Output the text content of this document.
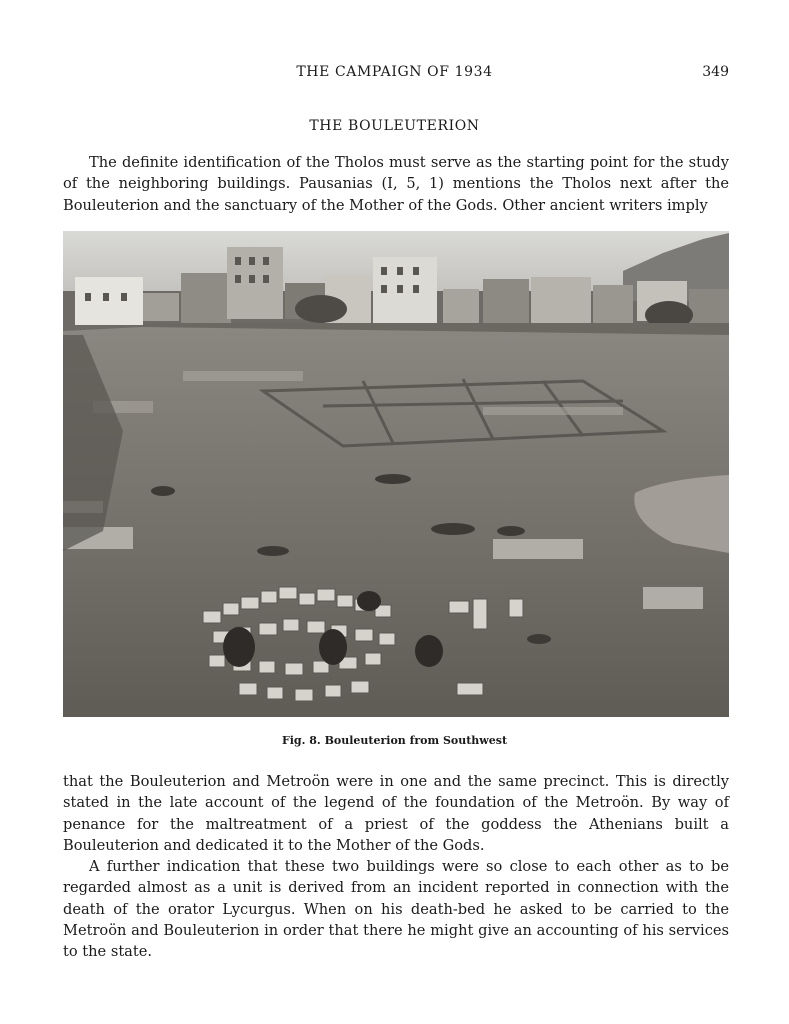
THE CAMPAIGN OF 1934	349
THE BOULEUTERION

The definite identification of the Tholos must serve as the starting point for the study of the neighboring buildings. Pausanias (I, 5, 1) mentions the Tholos next after the Bouleuterion and the sanctuary of the Mother of the Gods. Other ancient writers imply

Fig. 8. Bouleuterion from Southwest

that the Bouleuterion and Metroön were in one and the same precinct. This is directly stated in the late account of the legend of the foundation of the Metroön. By way of penance for the maltreatment of a priest of the goddess the Athenians built a Bouleuterion and dedicated it to the Mother of the Gods.

A further indication that these two buildings were so close to each other as to be regarded almost as a unit is derived from an incident reported in connection with the death of the orator Lycurgus. When on his death-bed he asked to be carried to the Metroön and Bouleuterion in order that there he might give an accounting of his services to the state.
